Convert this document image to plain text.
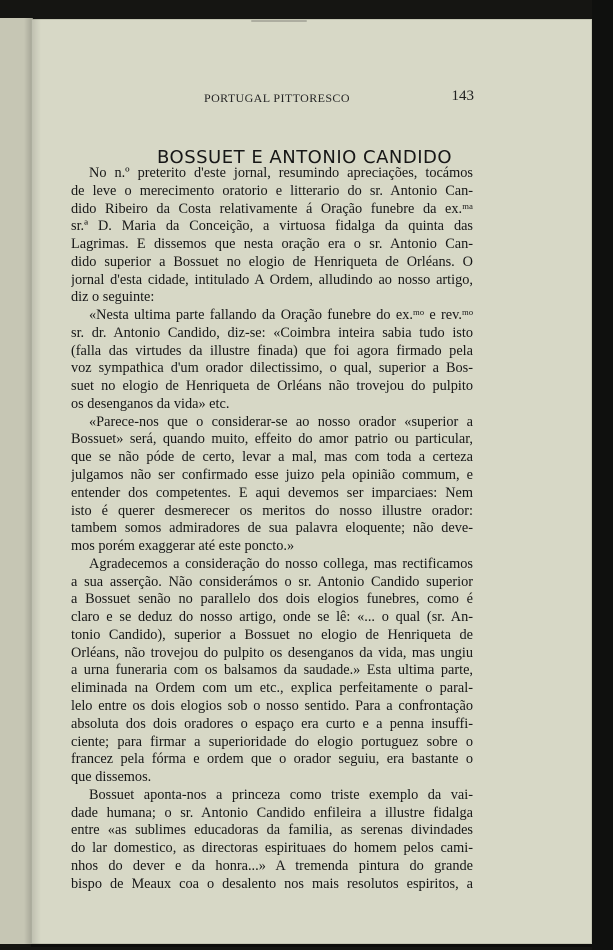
PORTUGAL PITTORESCO	143
BOSSUET E ANTONIO CANDIDO
No n.º preterito d'este jornal, resumindo apreciações, tocámos
de leve o merecimento oratorio e litterario do sr. Antonio Can-
dido Ribeiro da Costa relativamente á Oração funebre da ex.ᵐᵃ
sr.ª D. Maria da Conceição, a virtuosa fidalga da quinta das
Lagrimas. E dissemos que nesta oração era o sr. Antonio Can-
dido superior a Bossuet no elogio de Henriqueta de Orléans. O
jornal d'esta cidade, intitulado A Ordem, alludindo ao nosso artigo,
diz o seguinte:
«Nesta ultima parte fallando da Oração funebre do ex.ᵐᵒ e rev.ᵐᵒ
sr. dr. Antonio Candido, diz-se: «Coimbra inteira sabia tudo isto
(falla das virtudes da illustre finada) que foi agora firmado pela
voz sympathica d'um orador dilectissimo, o qual, superior a Bos-
suet no elogio de Henriqueta de Orléans não trovejou do pulpito
os desenganos da vida» etc.
«Parece-nos que o considerar-se ao nosso orador «superior a
Bossuet» será, quando muito, effeito do amor patrio ou particular,
que se não póde de certo, levar a mal, mas com toda a certeza
julgamos não ser confirmado esse juizo pela opinião commum, e
entender dos competentes. E aqui devemos ser imparciaes: Nem
isto é querer desmerecer os meritos do nosso illustre orador:
tambem somos admiradores de sua palavra eloquente; não deve-
mos porém exaggerar até este poncto.»
Agradecemos a consideração do nosso collega, mas rectificamos
a sua asserção. Não considerámos o sr. Antonio Candido superior
a Bossuet senão no parallelo dos dois elogios funebres, como é
claro e se deduz do nosso artigo, onde se lê: «... o qual (sr. An-
tonio Candido), superior a Bossuet no elogio de Henriqueta de
Orléans, não trovejou do pulpito os desenganos da vida, mas ungiu
a urna funeraria com os balsamos da saudade.» Esta ultima parte,
eliminada na Ordem com um etc., explica perfeitamente o paral-
lelo entre os dois elogios sob o nosso sentido. Para a confrontação
absoluta dos dois oradores o espaço era curto e a penna insuffi-
ciente; para firmar a superioridade do elogio portuguez sobre o
francez pela fórma e ordem que o orador seguiu, era bastante o
que dissemos.
Bossuet aponta-nos a princeza como triste exemplo da vai-
dade humana; o sr. Antonio Candido enfileira a illustre fidalga
entre «as sublimes educadoras da familia, as serenas divindades
do lar domestico, as directoras espirituaes do homem pelos cami-
nhos do dever e da honra...» A tremenda pintura do grande
bispo de Meaux coa o desalento nos mais resolutos espiritos, a
